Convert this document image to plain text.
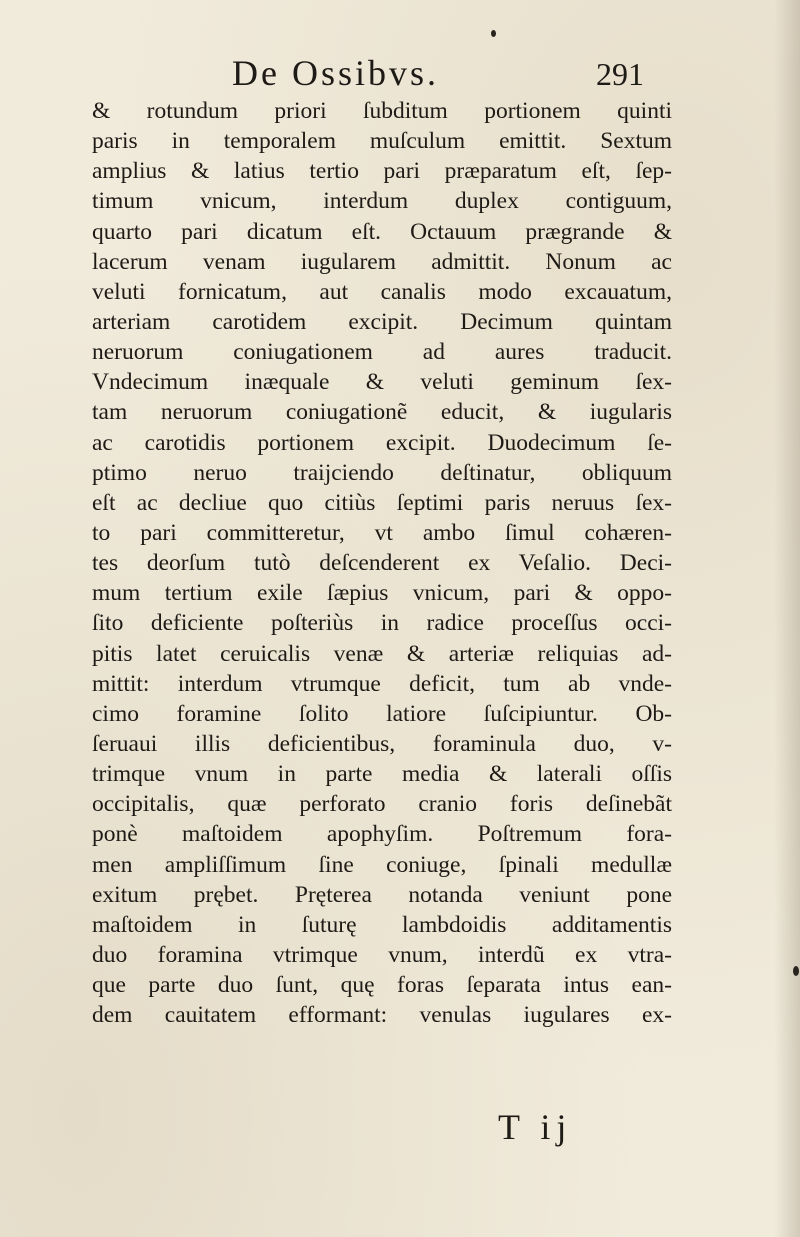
De Ossibvs.	291
& rotundum priori ſubditum portionem quinti
paris in temporalem muſculum emittit. Sextum
amplius & latius tertio pari præparatum eſt, ſep-
timum vnicum, interdum duplex contiguum,
quarto pari dicatum eſt. Octauum prægrande &
lacerum venam iugularem admittit. Nonum ac
veluti fornicatum, aut canalis modo excauatum,
arteriam carotidem excipit. Decimum quintam
neruorum coniugationem ad aures traducit.
Vndecimum inæquale & veluti geminum ſex-
tam neruorum coniugationẽ educit, & iugularis
ac carotidis portionem excipit. Duodecimum ſe-
ptimo neruo traijciendo deſtinatur, obliquum
eſt ac decliue quo citiùs ſeptimi paris neruus ſex-
to pari committeretur, vt ambo ſimul cohæren-
tes deorſum tutò deſcenderent ex Veſalio. Deci-
mum tertium exile ſæpius vnicum, pari & oppo-
ſito deficiente poſteriùs in radice proceſſus occi-
pitis latet ceruicalis venæ & arteriæ reliquias ad-
mittit: interdum vtrumque deficit, tum ab vnde-
cimo foramine ſolito latiore ſuſcipiuntur. Ob-
ſeruaui illis deficientibus, foraminula duo, v-
trimque vnum in parte media & laterali oſſis
occipitalis, quæ perforato cranio foris deſinebãt
ponè maſtoidem apophyſim. Poſtremum fora-
men ampliſſimum ſine coniuge, ſpinali medullæ
exitum prębet. Prętereа notanda veniunt pone
maſtoidem in ſuturę lambdoidis additamentis
duo foramina vtrimque vnum, interdũ ex vtra-
que parte duo ſunt, quę foras ſeparata intus ean-
dem cauitatem efformant: venulas iugulares ex-
T ij
